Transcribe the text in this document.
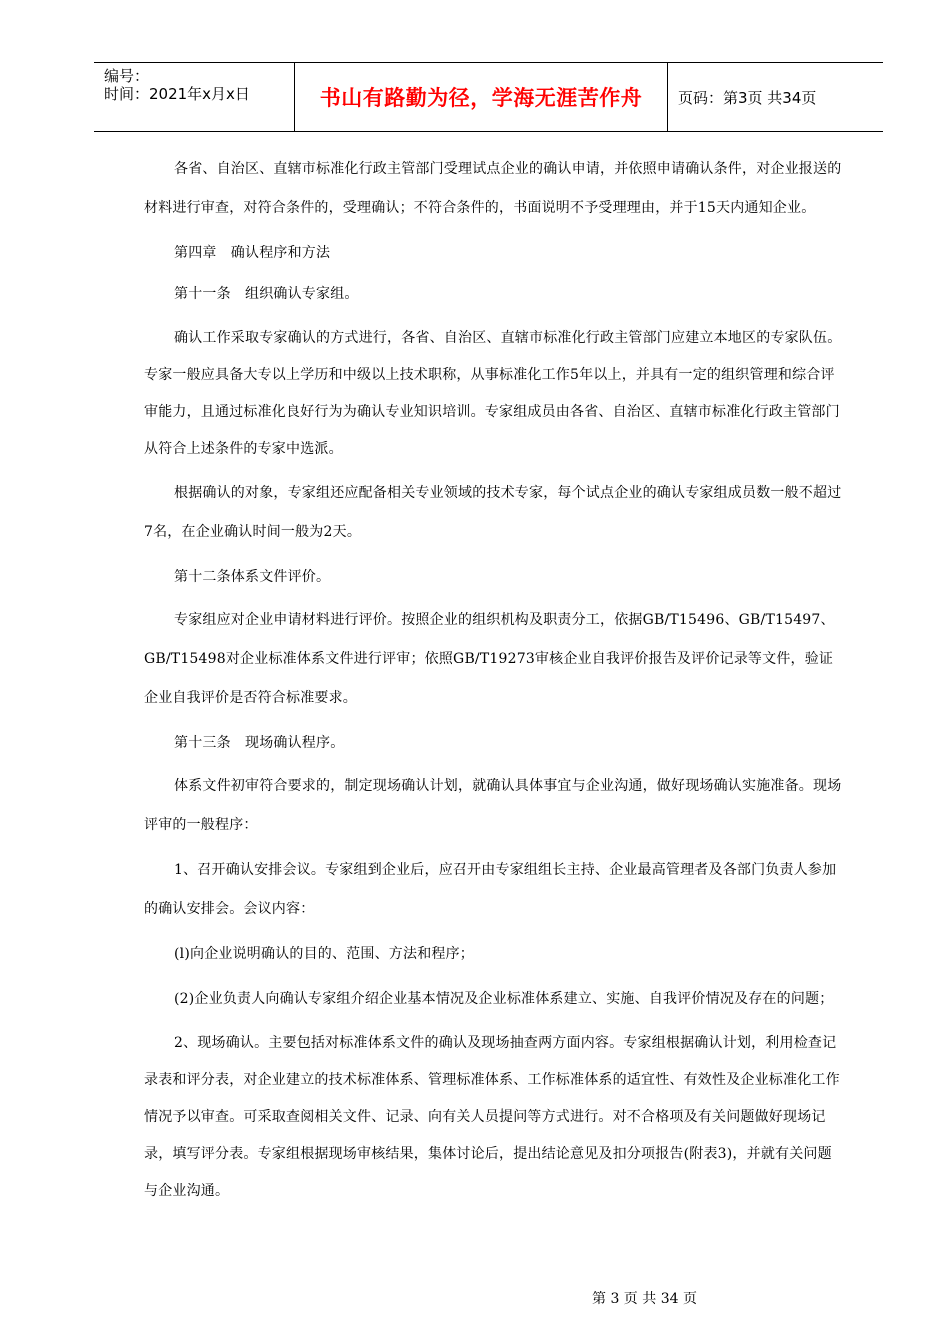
编号：
时间：2021年x月x日	书山有路勤为径，学海无涯苦作舟	页码：第3页 共34页

各省、自治区、直辖市标准化行政主管部门受理试点企业的确认申请，并依照申请确认条件，对企业报送的材料进行审查，对符合条件的，受理确认；不符合条件的，书面说明不予受理理由，并于15天内通知企业。

第四章　确认程序和方法

第十一条　组织确认专家组。

确认工作采取专家确认的方式进行，各省、自治区、直辖市标准化行政主管部门应建立本地区的专家队伍。专家一般应具备大专以上学历和中级以上技术职称，从事标准化工作5年以上，并具有一定的组织管理和综合评审能力，且通过标准化良好行为为确认专业知识培训。专家组成员由各省、自治区、直辖市标准化行政主管部门从符合上述条件的专家中选派。

根据确认的对象，专家组还应配备相关专业领域的技术专家，每个试点企业的确认专家组成员数一般不超过7名，在企业确认时间一般为2天。

第十二条体系文件评价。

专家组应对企业申请材料进行评价。按照企业的组织机构及职责分工，依据GB/T15496、GB/T15497、GB/T15498对企业标准体系文件进行评审；依照GB/T19273审核企业自我评价报告及评价记录等文件，验证企业自我评价是否符合标准要求。

第十三条　现场确认程序。

体系文件初审符合要求的，制定现场确认计划，就确认具体事宜与企业沟通，做好现场确认实施准备。现场评审的一般程序：

1、召开确认安排会议。专家组到企业后，应召开由专家组组长主持、企业最高管理者及各部门负责人参加的确认安排会。会议内容：

(l)向企业说明确认的目的、范围、方法和程序；

(2)企业负责人向确认专家组介绍企业基本情况及企业标准体系建立、实施、自我评价情况及存在的问题；

2、现场确认。主要包括对标准体系文件的确认及现场抽查两方面内容。专家组根据确认计划，利用检查记录表和评分表，对企业建立的技术标准体系、管理标准体系、工作标准体系的适宜性、有效性及企业标准化工作情况予以审查。可采取查阅相关文件、记录、向有关人员提问等方式进行。对不合格项及有关问题做好现场记录，填写评分表。专家组根据现场审核结果，集体讨论后，提出结论意见及扣分项报告(附表3)，并就有关问题与企业沟通。

第 3 页 共 34 页
